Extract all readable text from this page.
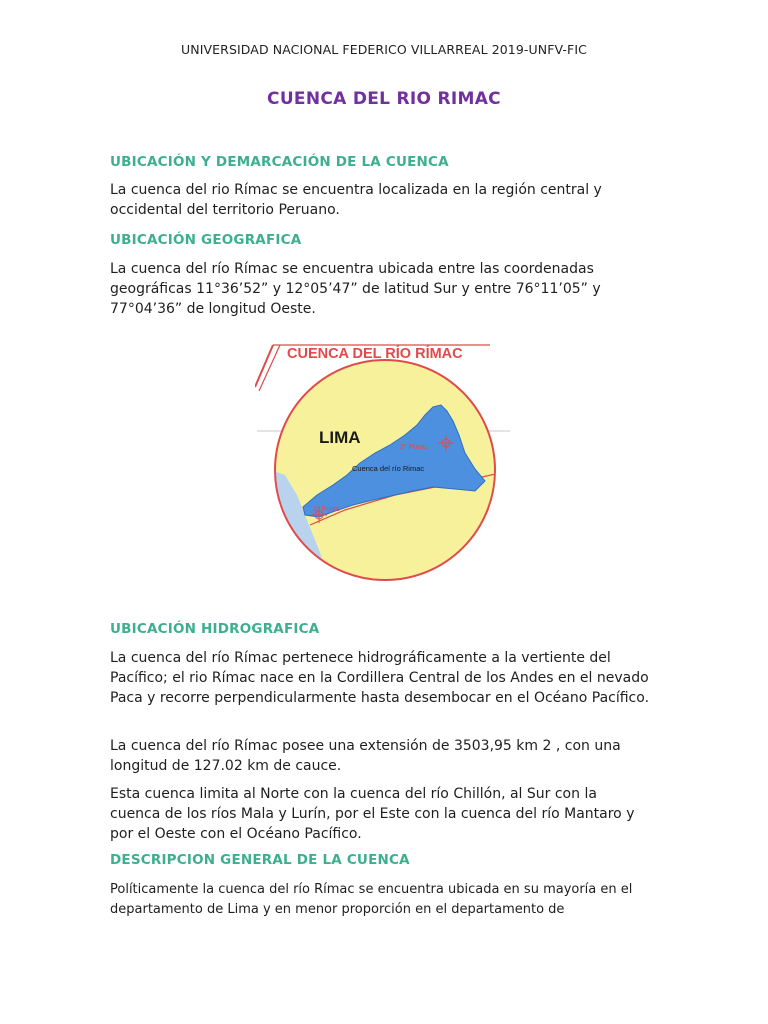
UNIVERSIDAD NACIONAL FEDERICO VILLARREAL 2019-UNFV-FIC
CUENCA DEL RIO RIMAC
UBICACIÓN Y DEMARCACIÓN DE LA CUENCA
La cuenca del rio Rímac se encuentra localizada en la región central y occidental del territorio Peruano.
UBICACIÓN GEOGRAFICA
La cuenca del río Rímac se encuentra ubicada entre las coordenadas geográficas 11°36’52” y 12°05’47” de latitud Sur y entre 76°11’05” y 77°04’36” de longitud Oeste.
CUENCA DEL RÍO RÍMAC
LIMA
Cuenca del río Rimac
2° Punto
1° Punto
UBICACIÓN HIDROGRAFICA
La cuenca del río Rímac pertenece hidrográficamente a la vertiente del Pacífico; el rio Rímac nace en la Cordillera Central de los Andes en el nevado Paca y recorre perpendicularmente hasta desembocar en el Océano Pacífico.
La cuenca del río Rímac posee una extensión de 3503,95 km 2 , con una longitud de 127.02 km de cauce.
Esta cuenca limita al Norte con la cuenca del río Chillón, al Sur con la cuenca de los ríos Mala y Lurín, por el Este con la cuenca del río Mantaro y por el Oeste con el Océano Pacífico.
DESCRIPCION GENERAL DE LA CUENCA
Políticamente la cuenca del río Rímac se encuentra ubicada en su mayoría en el departamento de Lima y en menor proporción en el departamento de
